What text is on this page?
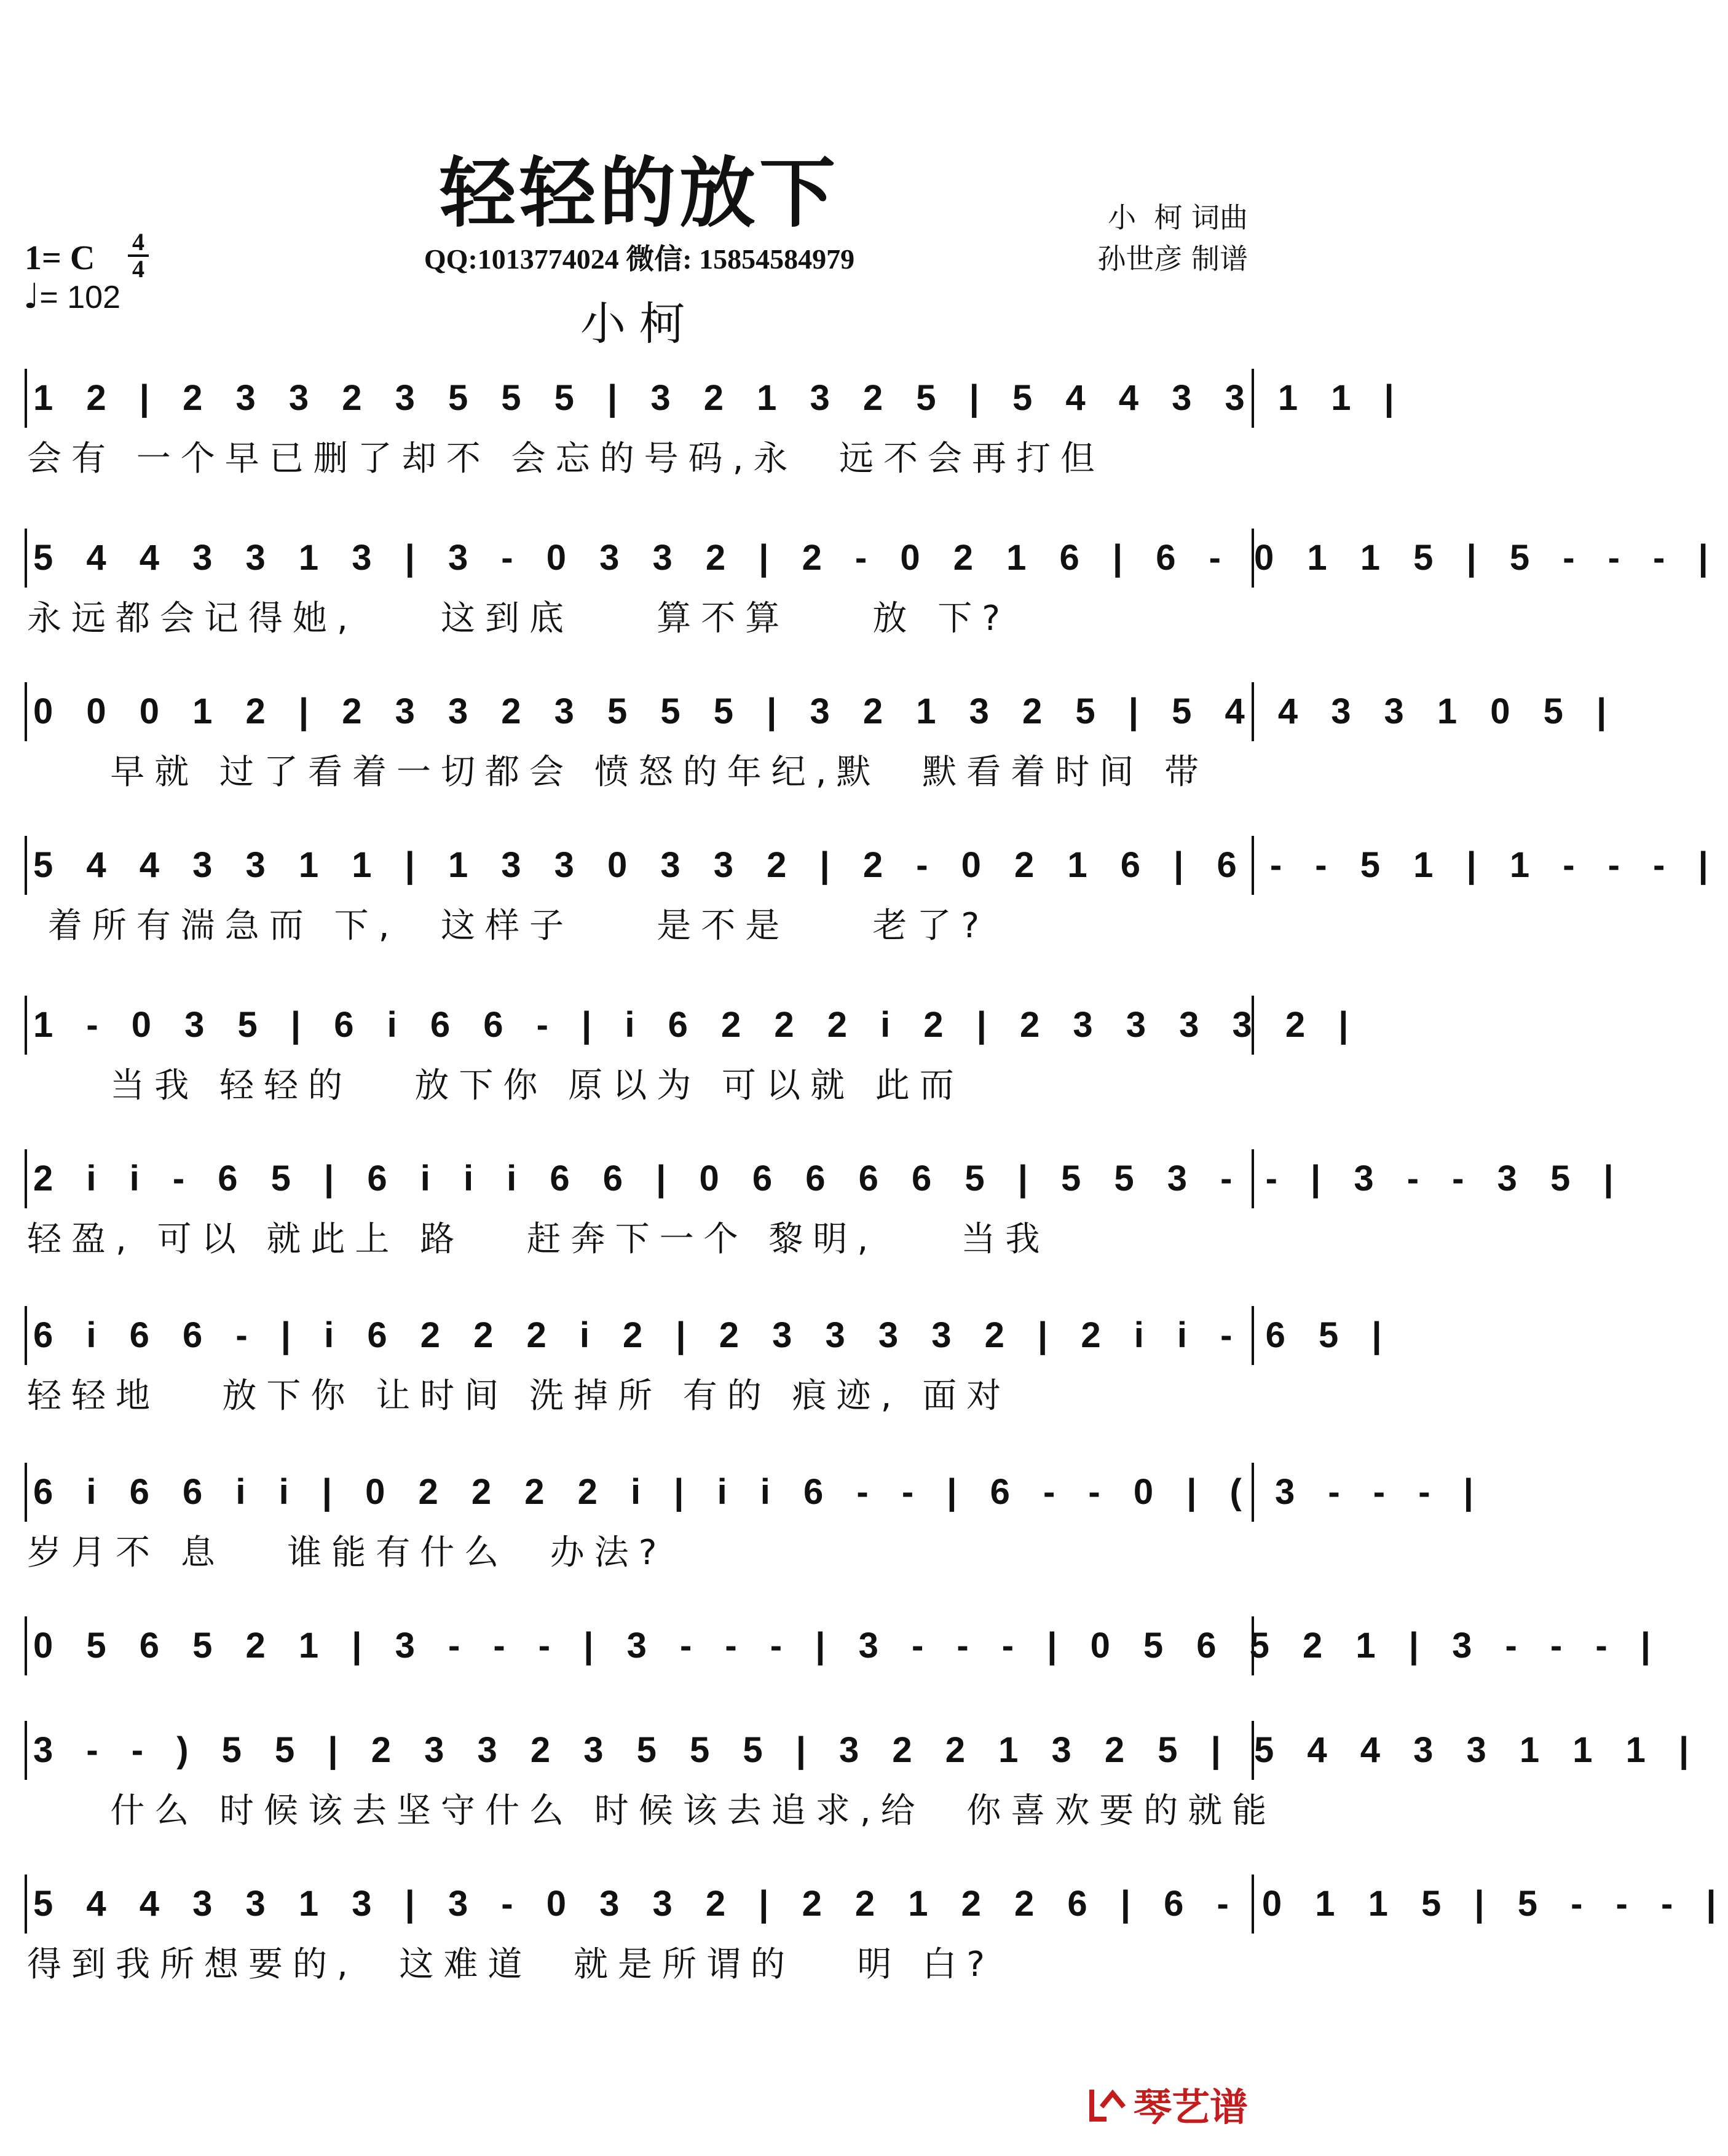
轻轻的放下	小  柯 词曲
孙世彦 制谱
QQ:1013774024 微信: 15854584979
1= C 4
4
♩= 102	小柯
1 2 | 2 3 3 2 3 5 5 5 | 3 2 1 3 2 5 | 5 4 4 3 3 1 1 |
会有 一个早已删了却不 会忘的号码,永  远不会再打但
5 4 4 3 3 1 3 | 3 - 0 3 3 2 | 2 - 0 2 1 6 | 6 - 0 1 1 5 | 5 - - - |
永远都会记得她,    这到底    算不算    放 下?
0 0 0 1 2 | 2 3 3 2 3 5 5 5 | 3 2 1 3 2 5 | 5 4 4 3 3 1 0 5 |
早就 过了看着一切都会 愤怒的年纪,默  默看着时间 带
5 4 4 3 3 1 1 | 1 3 3 0 3 3 2 | 2 - 0 2 1 6 | 6 - - 5 1 | 1 - - - |
着所有湍急而 下,  这样子    是不是    老了?
1 - 0 3 5 | 6 i 6 6 - | i 6 2 2 2 i 2 | 2 3 3 3 3 2 |
当我 轻轻的   放下你 原以为 可以就 此而
2 i i - 6 5 | 6 i i i 6 6 | 0 6 6 6 6 5 | 5 5 3 - - | 3 - - 3 5 |
轻盈, 可以 就此上 路   赶奔下一个 黎明,    当我
6 i 6 6 - | i 6 2 2 2 i 2 | 2 3 3 3 3 2 | 2 i i - 6 5 |
轻轻地   放下你 让时间 洗掉所 有的 痕迹, 面对
6 i 6 6 i i | 0 2 2 2 2 i | i i 6 - - | 6 - - 0 | ( 3 - - - |
岁月不 息   谁能有什么  办法?
0 5 6 5 2 1 | 3 - - - | 3 - - - | 3 - - - | 0 5 6 5 2 1 | 3 - - - |
3 - - ) 5 5 | 2 3 3 2 3 5 5 5 | 3 2 2 1 3 2 5 | 5 4 4 3 3 1 1 1 |
什么 时候该去坚守什么 时候该去追求,给  你喜欢要的就能
5 4 4 3 3 1 3 | 3 - 0 3 3 2 | 2 2 1 2 2 6 | 6 - 0 1 1 5 | 5 - - - |
得到我所想要的,  这难道  就是所谓的   明 白?
琴艺谱
